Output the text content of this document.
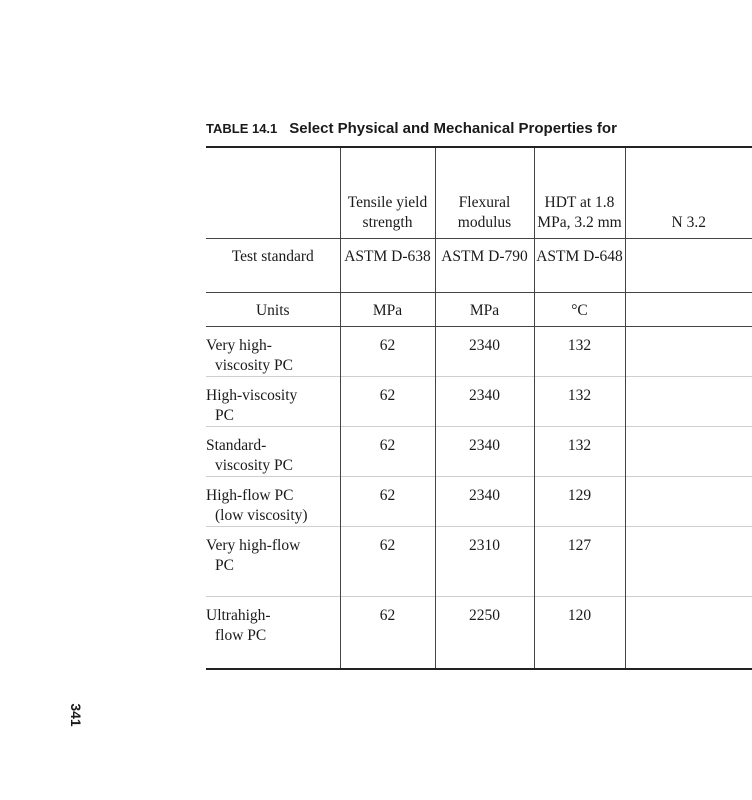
TABLE 14.1 Select Physical and Mechanical Properties for

	Tensile yield strength	Flexural modulus	HDT at 1.8 MPa, 3.2 mm	N 3.2

Test standard	ASTM D-638	ASTM D-790	ASTM D-648	
Units	MPa	MPa	°C	
Very high-
viscosity PC	62	2340	132	
High-viscosity
PC	62	2340	132	
Standard-
viscosity PC	62	2340	132	
High-flow PC
(low viscosity)	62	2340	129	
Very high-flow
PC	62	2310	127	
Ultrahigh-
flow PC	62	2250	120	
341
